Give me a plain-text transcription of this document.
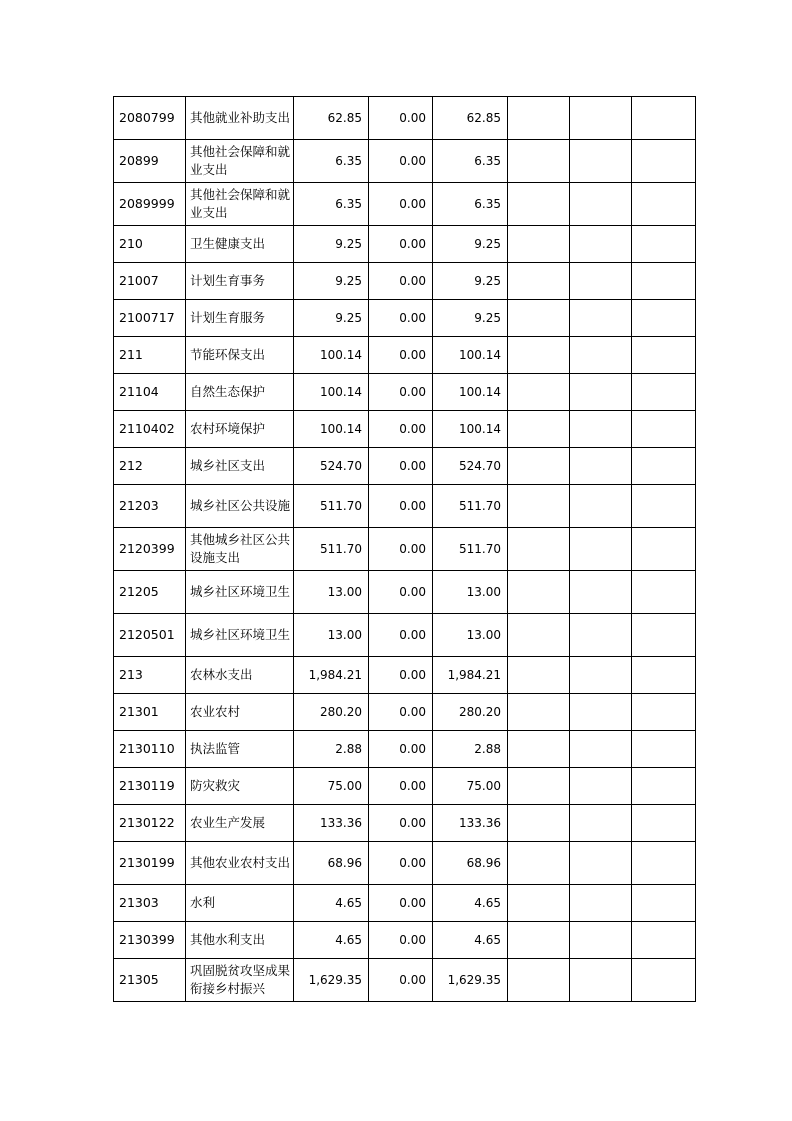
2080799	其他就业补助支出	62.85	0.00	62.85			
20899	其他社会保障和就业支出	6.35	0.00	6.35			
2089999	其他社会保障和就业支出	6.35	0.00	6.35			
210	卫生健康支出	9.25	0.00	9.25			
21007	计划生育事务	9.25	0.00	9.25			
2100717	计划生育服务	9.25	0.00	9.25			
211	节能环保支出	100.14	0.00	100.14			
21104	自然生态保护	100.14	0.00	100.14			
2110402	农村环境保护	100.14	0.00	100.14			
212	城乡社区支出	524.70	0.00	524.70			
21203	城乡社区公共设施	511.70	0.00	511.70			
2120399	其他城乡社区公共设施支出	511.70	0.00	511.70			
21205	城乡社区环境卫生	13.00	0.00	13.00			
2120501	城乡社区环境卫生	13.00	0.00	13.00			
213	农林水支出	1,984.21	0.00	1,984.21			
21301	农业农村	280.20	0.00	280.20			
2130110	执法监管	2.88	0.00	2.88			
2130119	防灾救灾	75.00	0.00	75.00			
2130122	农业生产发展	133.36	0.00	133.36			
2130199	其他农业农村支出	68.96	0.00	68.96			
21303	水利	4.65	0.00	4.65			
2130399	其他水利支出	4.65	0.00	4.65			
21305	巩固脱贫攻坚成果衔接乡村振兴	1,629.35	0.00	1,629.35			
